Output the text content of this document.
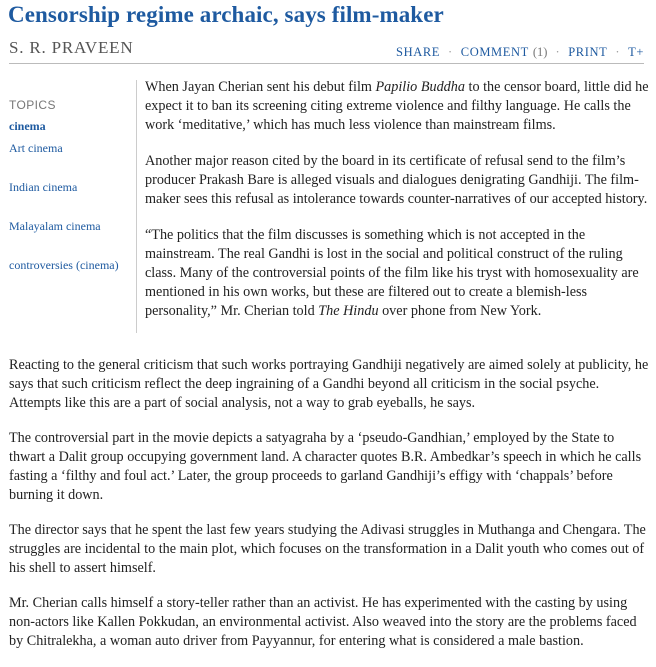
Censorship regime archaic, says film-maker
S. R. PRAVEEN	SHARE · COMMENT (1) · PRINT · T+
TOPICS
cinema
Art cinema
Indian cinema
Malayalam cinema
controversies (cinema)

When Jayan Cherian sent his debut film Papilio Buddha to the censor board, little did he expect it to ban its screening citing extreme violence and filthy language. He calls the work ‘meditative,’ which has much less violence than mainstream films.

Another major reason cited by the board in its certificate of refusal send to the film’s producer Prakash Bare is alleged visuals and dialogues denigrating Gandhiji. The film-maker sees this refusal as intolerance towards counter-narratives of our accepted history.

“The politics that the film discusses is something which is not accepted in the mainstream. The real Gandhi is lost in the social and political construct of the ruling class. Many of the controversial points of the film like his tryst with homosexuality are mentioned in his own works, but these are filtered out to create a blemish-less personality,” Mr. Cherian told The Hindu over phone from New York.

Reacting to the general criticism that such works portraying Gandhiji negatively are aimed solely at publicity, he says that such criticism reflect the deep ingraining of a Gandhi beyond all criticism in the social psyche. Attempts like this are a part of social analysis, not a way to grab eyeballs, he says.

The controversial part in the movie depicts a satyagraha by a ‘pseudo-Gandhian,’ employed by the State to thwart a Dalit group occupying government land. A character quotes B.R. Ambedkar’s speech in which he calls fasting a ‘filthy and foul act.’ Later, the group proceeds to garland Gandhiji’s effigy with ‘chappals’ before burning it down.

The director says that he spent the last few years studying the Adivasi struggles in Muthanga and Chengara. The struggles are incidental to the main plot, which focuses on the transformation in a Dalit youth who comes out of his shell to assert himself.

Mr. Cherian calls himself a story-teller rather than an activist. He has experimented with the casting by using non-actors like Kallen Pokkudan, an environmental activist. Also weaved into the story are the problems faced by Chitralekha, a woman auto driver from Payyannur, for entering what is considered a male bastion.
